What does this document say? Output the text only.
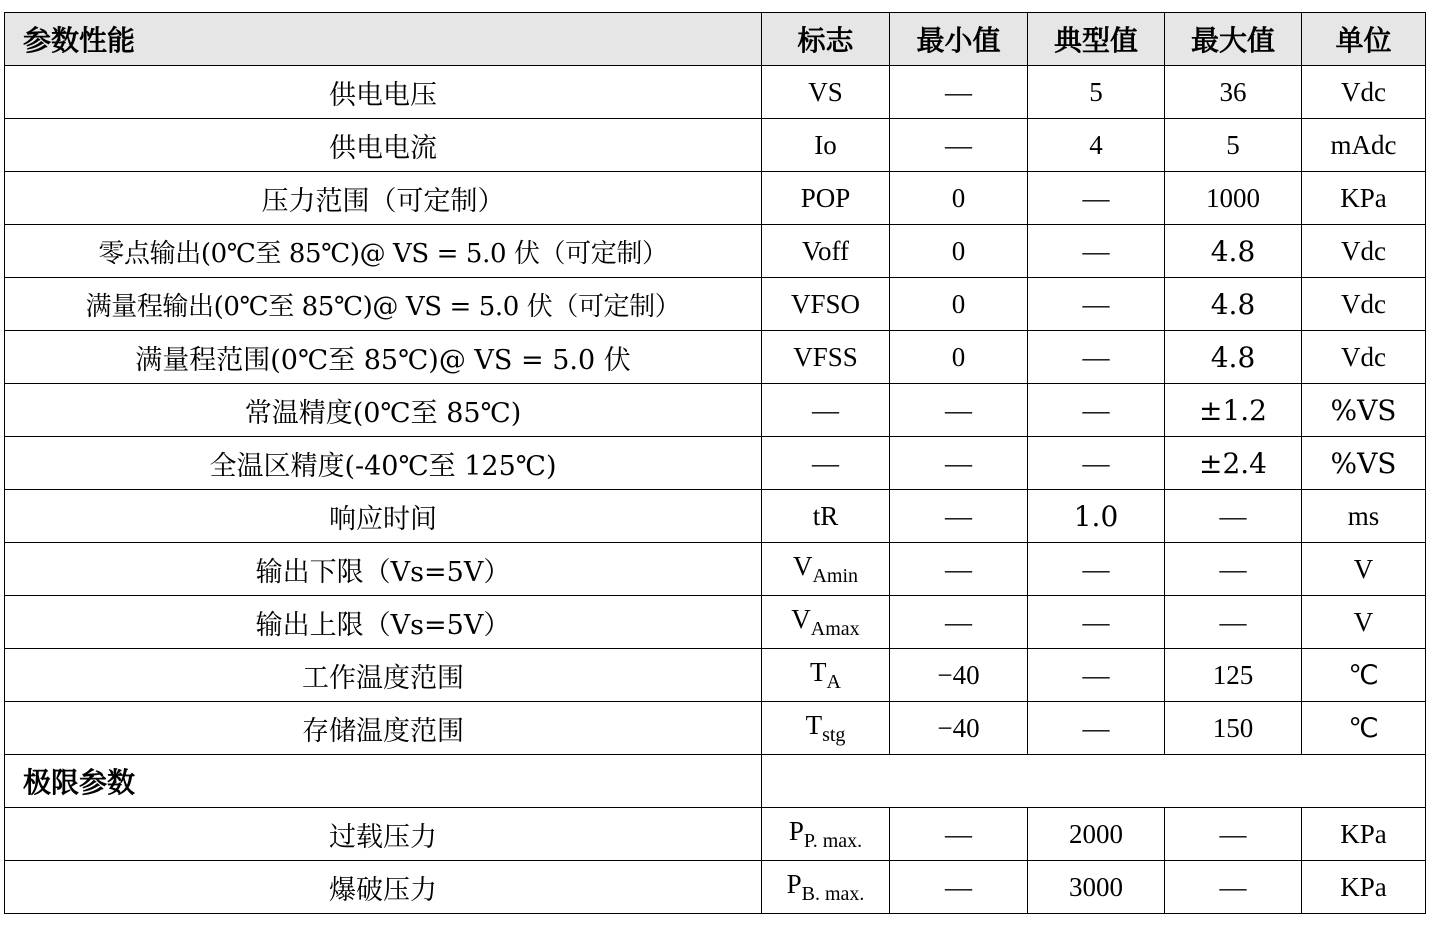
参数性能	标志	最小值	典型值	最大值	单位
供电电压	VS	—	5	36	Vdc
供电电流	Io	—	4	5	mAdc
压力范围（可定制）	POP	0	—	1000	KPa
零点输出(0℃至 85℃)@ VS = 5.0 伏（可定制）	Voff	0	—	4.8	Vdc
满量程输出(0℃至 85℃)@ VS = 5.0 伏（可定制）	VFSO	0	—	4.8	Vdc
满量程范围(0℃至 85℃)@ VS = 5.0 伏	VFSS	0	—	4.8	Vdc
常温精度(0℃至 85℃)	—	—	—	±1.2	%VS
全温区精度(-40℃至 125℃)	—	—	—	±2.4	%VS
响应时间	tR	—	1.0	—	ms
输出下限（Vs=5V）	$V_{Amin}$	—	—	—	V
输出上限（Vs=5V）	$V_{Amax}$	—	—	—	V
工作温度范围	$T_A$	−40	—	125	℃
存储温度范围	$T_{stg}$	−40	—	150	℃
极限参数					
过载压力	$P_{P. max.}$	—	2000	—	KPa
爆破压力	$P_{B. max.}$	—	3000	—	KPa
